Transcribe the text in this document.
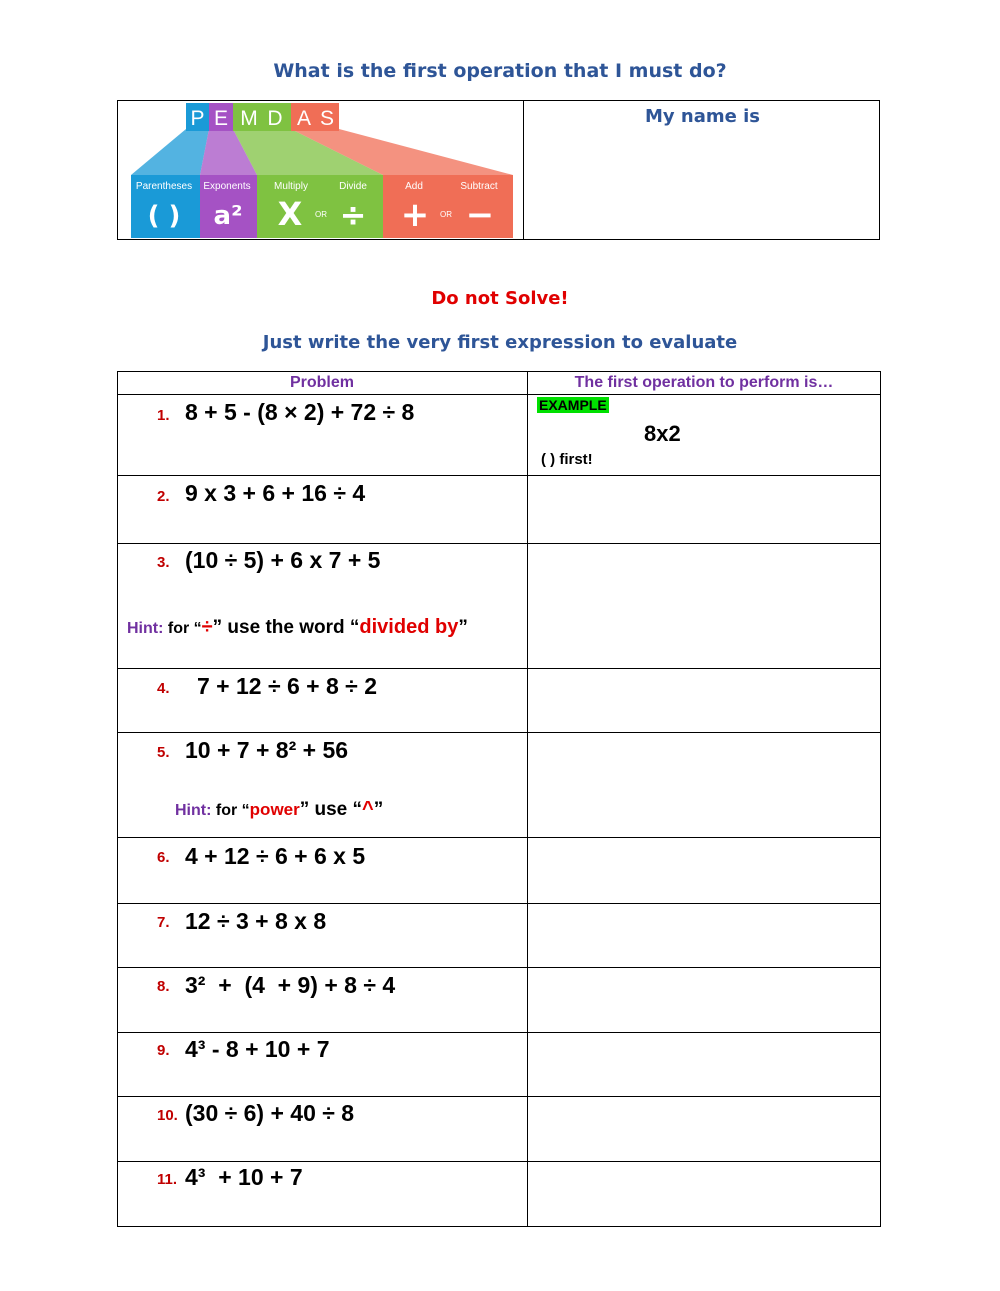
What is the first operation that I must do?
My name is
P E M D A S
Parentheses Exponents Multiply	Divide	Add	Subtract
( ) a² X ÷ + −
OR	OR
Do not Solve!
Just write the very first expression to evaluate
Problem	The first operation to perform is…
1. 8 + 5 - (8 × 2) + 72 ÷ 8	EXAMPLE
8x2
( ) first!
2. 9 x 3 + 6 + 16 ÷ 4
3. (10 ÷ 5) + 6 x 7 + 5
Hint: for “÷” use the word “divided by”
4. 7 + 12 ÷ 6 + 8 ÷ 2
5. 10 + 7 + 8² + 56
Hint: for “power” use “^”
6. 4 + 12 ÷ 6 + 6 x 5
7. 12 ÷ 3 + 8 x 8
8. 3²  +  (4  + 9) + 8 ÷ 4
9. 4³ - 8 + 10 + 7
10. (30 ÷ 6) + 40 ÷ 8
11. 4³  + 10 + 7
